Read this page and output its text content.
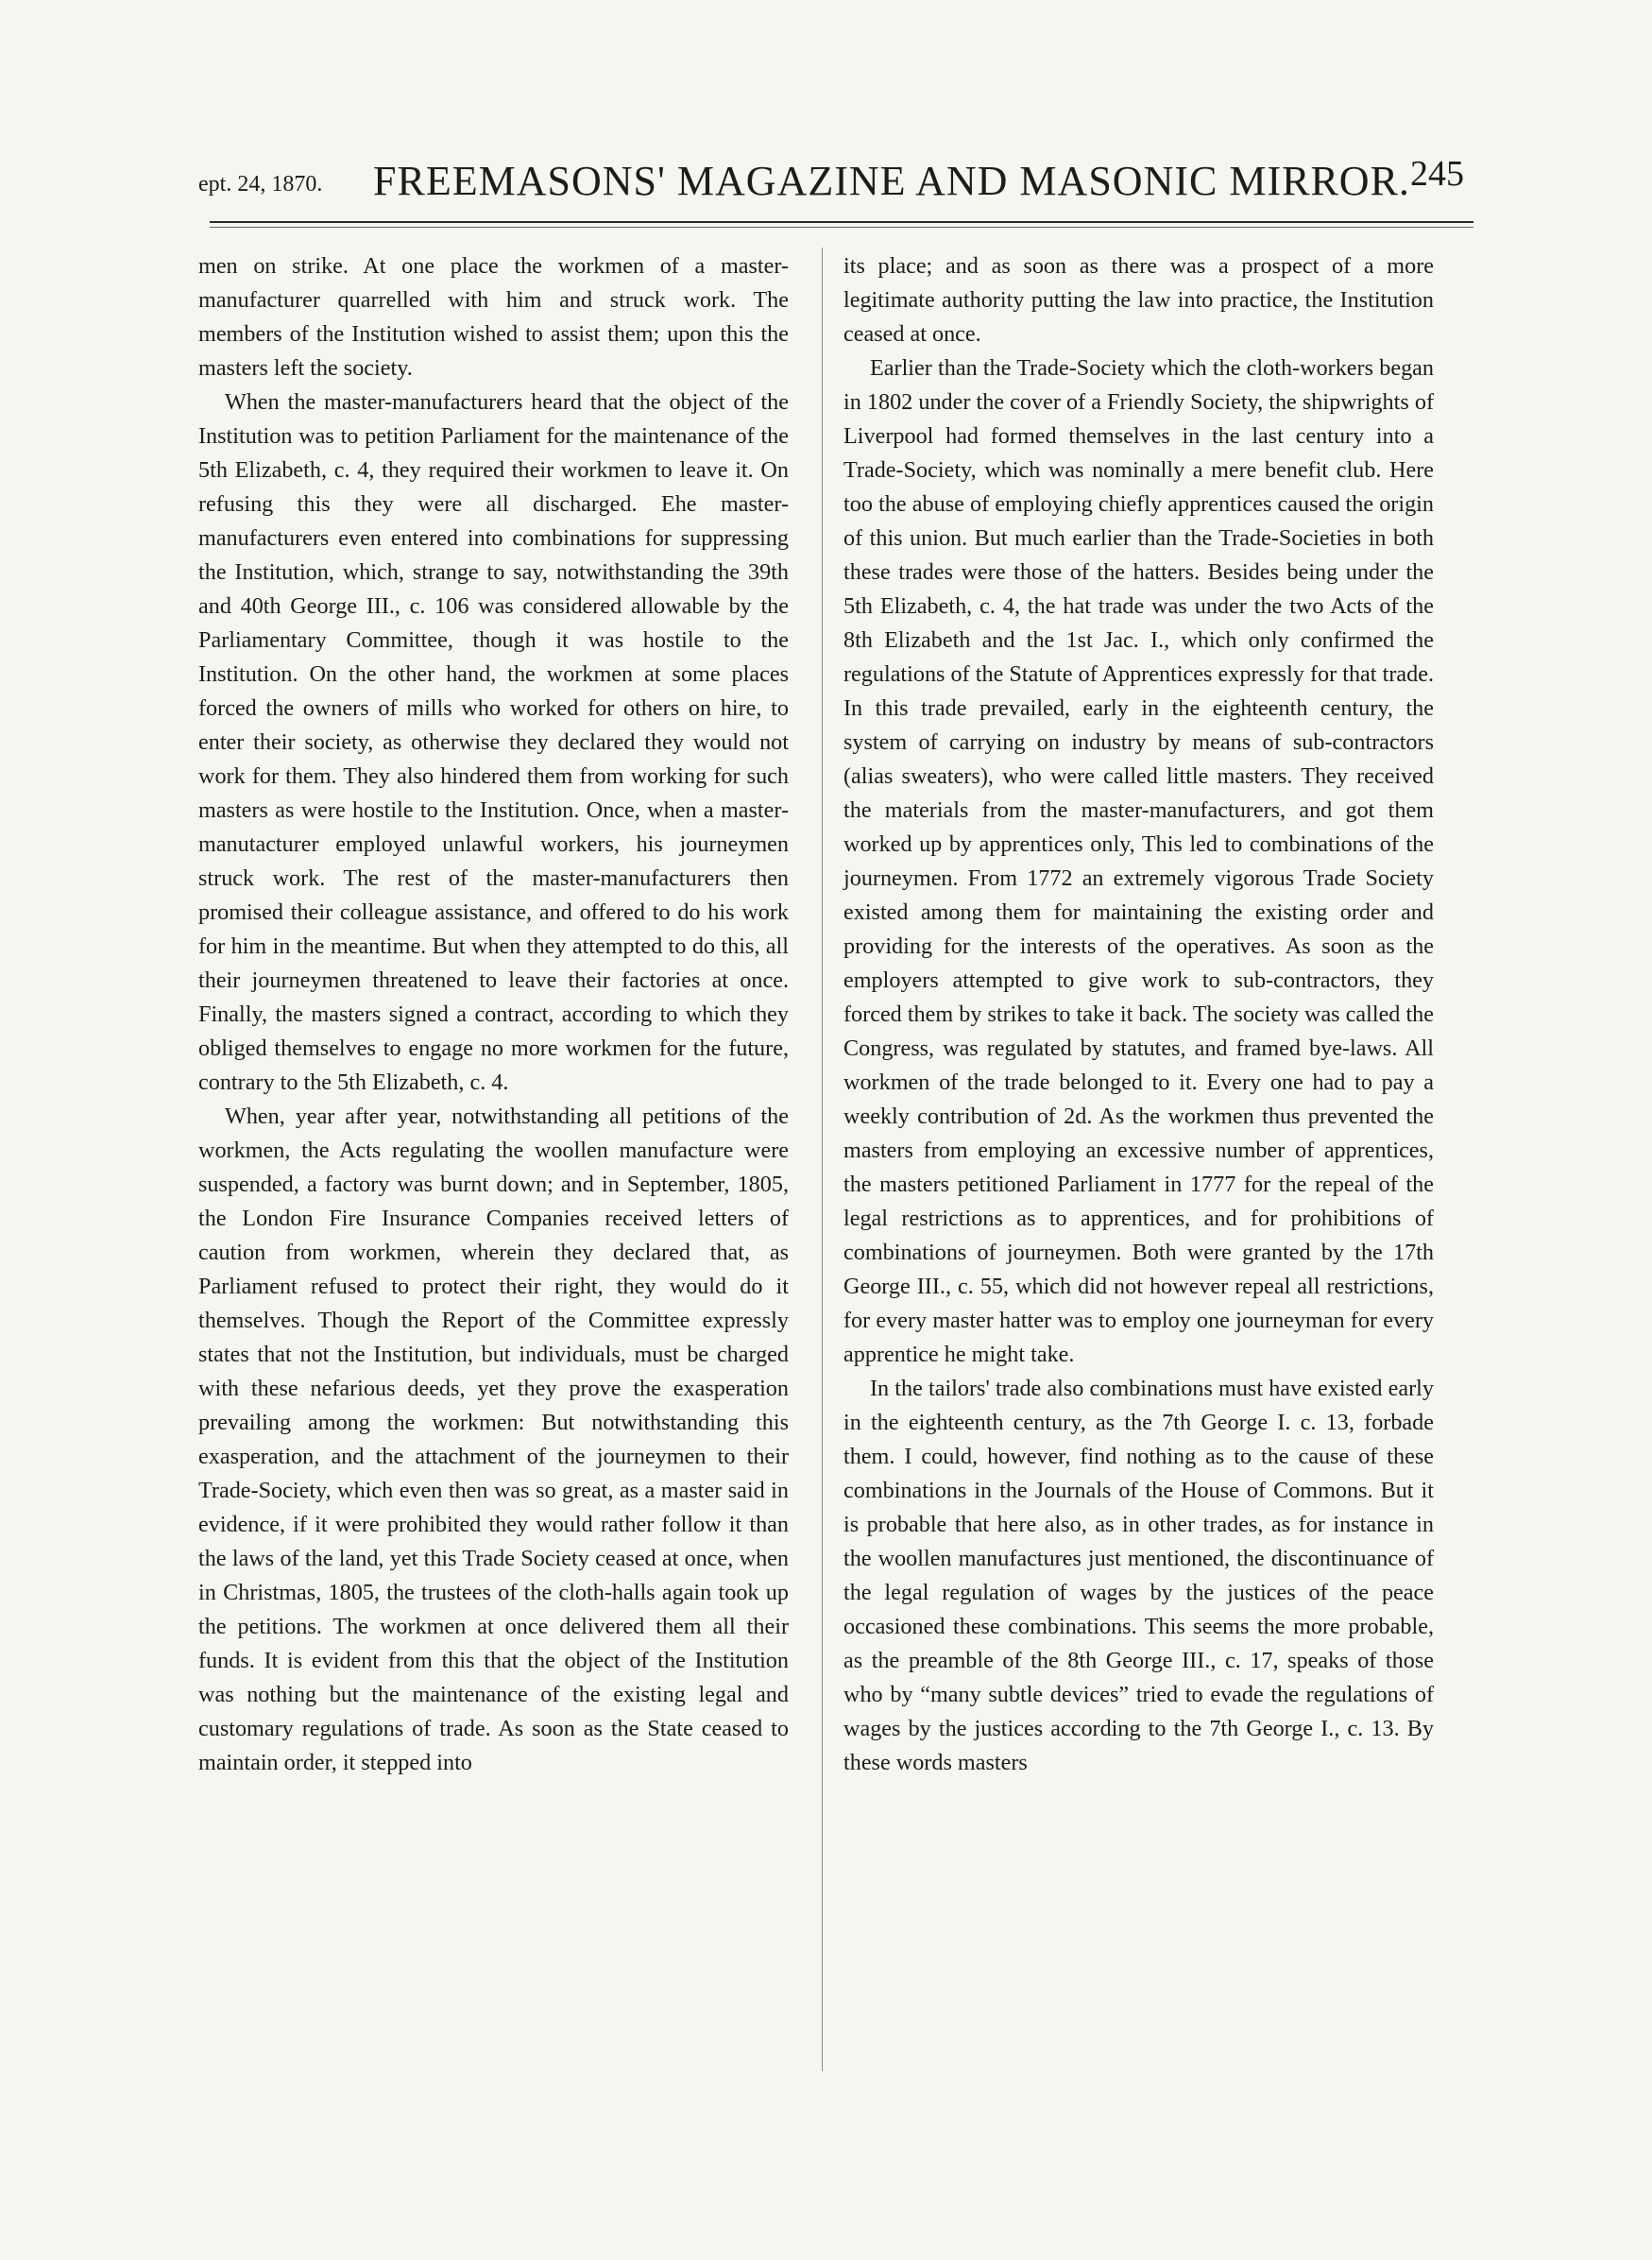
ept. 24, 1870. FREEMASONS' MAGAZINE AND MASONIC MIRROR. 245

men on strike. At one place the workmen of a master-manufacturer quarrelled with him and struck work. The members of the Institution wished to assist them; upon this the masters left the society.

When the master-manufacturers heard that the object of the Institution was to petition Parliament for the maintenance of the 5th Elizabeth, c. 4, they required their workmen to leave it. On refusing this they were all discharged. Ehe master-manufacturers even entered into combinations for suppressing the Institution, which, strange to say, notwithstanding the 39th and 40th George III., c. 106 was considered allowable by the Parliamentary Committee, though it was hostile to the Institution. On the other hand, the workmen at some places forced the owners of mills who worked for others on hire, to enter their society, as otherwise they declared they would not work for them. They also hindered them from working for such masters as were hostile to the Institution. Once, when a master-manutacturer employed unlawful workers, his journeymen struck work. The rest of the master-manufacturers then promised their colleague assistance, and offered to do his work for him in the meantime. But when they attempted to do this, all their journeymen threatened to leave their factories at once. Finally, the masters signed a contract, according to which they obliged themselves to engage no more workmen for the future, contrary to the 5th Elizabeth, c. 4.

When, year after year, notwithstanding all petitions of the workmen, the Acts regulating the woollen manufacture were suspended, a factory was burnt down; and in September, 1805, the London Fire Insurance Companies received letters of caution from workmen, wherein they declared that, as Parliament refused to protect their right, they would do it themselves. Though the Report of the Committee expressly states that not the Institution, but individuals, must be charged with these nefarious deeds, yet they prove the exasperation prevailing among the workmen: But notwithstanding this exasperation, and the attachment of the journeymen to their Trade-Society, which even then was so great, as a master said in evidence, if it were prohibited they would rather follow it than the laws of the land, yet this Trade Society ceased at once, when in Christmas, 1805, the trustees of the cloth-halls again took up the petitions. The workmen at once delivered them all their funds. It is evident from this that the object of the Institution was nothing but the maintenance of the existing legal and customary regulations of trade. As soon as the State ceased to maintain order, it stepped into

its place; and as soon as there was a prospect of a more legitimate authority putting the law into practice, the Institution ceased at once.

Earlier than the Trade-Society which the cloth-workers began in 1802 under the cover of a Friendly Society, the shipwrights of Liverpool had formed themselves in the last century into a Trade-Society, which was nominally a mere benefit club. Here too the abuse of employing chiefly apprentices caused the origin of this union. But much earlier than the Trade-Societies in both these trades were those of the hatters. Besides being under the 5th Elizabeth, c. 4, the hat trade was under the two Acts of the 8th Elizabeth and the 1st Jac. I., which only confirmed the regulations of the Statute of Apprentices expressly for that trade. In this trade prevailed, early in the eighteenth century, the system of carrying on industry by means of sub-contractors (alias sweaters), who were called little masters. They received the materials from the master-manufacturers, and got them worked up by apprentices only, This led to combinations of the journeymen. From 1772 an extremely vigorous Trade Society existed among them for maintaining the existing order and providing for the interests of the operatives. As soon as the employers attempted to give work to sub-contractors, they forced them by strikes to take it back. The society was called the Congress, was regulated by statutes, and framed bye-laws. All workmen of the trade belonged to it. Every one had to pay a weekly contribution of 2d. As the workmen thus prevented the masters from employing an excessive number of apprentices, the masters petitioned Parliament in 1777 for the repeal of the legal restrictions as to apprentices, and for prohibitions of combinations of journeymen. Both were granted by the 17th George III., c. 55, which did not however repeal all restrictions, for every master hatter was to employ one journeyman for every apprentice he might take.

In the tailors' trade also combinations must have existed early in the eighteenth century, as the 7th George I. c. 13, forbade them. I could, however, find nothing as to the cause of these combinations in the Journals of the House of Commons. But it is probable that here also, as in other trades, as for instance in the woollen manufactures just mentioned, the discontinuance of the legal regulation of wages by the justices of the peace occasioned these combinations. This seems the more probable, as the preamble of the 8th George III., c. 17, speaks of those who by “many subtle devices” tried to evade the regulations of wages by the justices according to the 7th George I., c. 13. By these words masters
